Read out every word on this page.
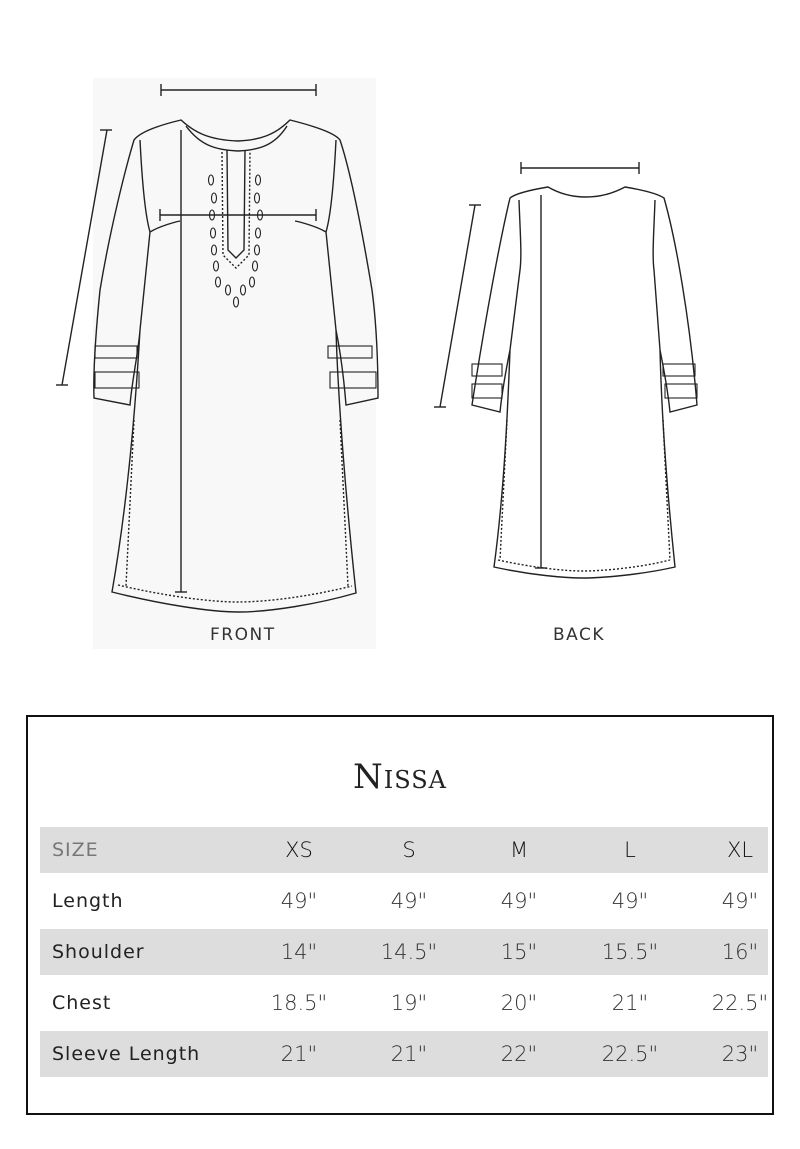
FRONT	BACK
Nissa
SIZE	XS	S	M	L	XL
Length	49"	49"	49"	49"	49"
Shoulder	14"	14.5"	15"	15.5"	16"
Chest	18.5"	19"	20"	21"	22.5"
Sleeve Length	21"	21"	22"	22.5"	23"
